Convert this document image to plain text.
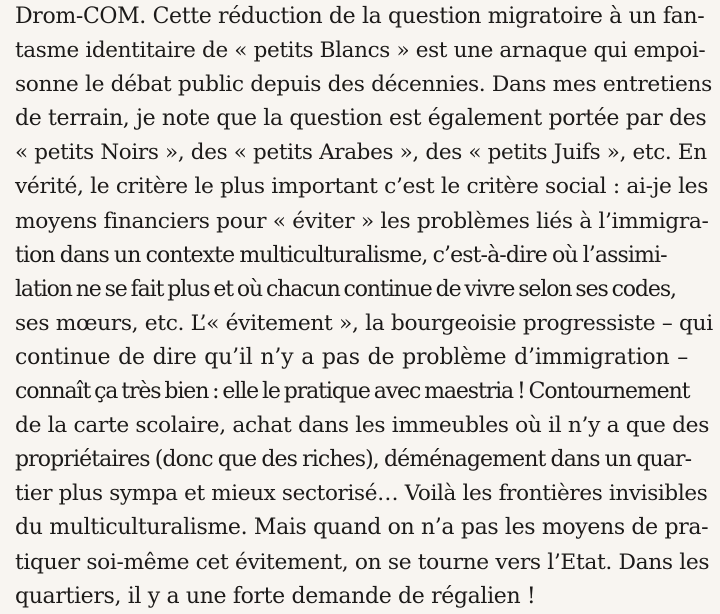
Drom-COM. Cette réduction de la question migratoire à un fan-
tasme identitaire de « petits Blancs » est une arnaque qui empoi-
sonne le débat public depuis des décennies. Dans mes entretiens
de terrain, je note que la question est également portée par des
« petits Noirs », des « petits Arabes », des « petits Juifs », etc. En
vérité, le critère le plus important c’est le critère social : ai-je les
moyens financiers pour « éviter » les problèmes liés à l’immigra-
tion dans un contexte multiculturalisme, c’est-à-dire où l’assimi-
lation ne se fait plus et où chacun continue de vivre selon ses codes,
ses mœurs, etc. L’« évitement », la bourgeoisie progressiste – qui
continue de dire qu’il n’y a pas de problème d’immigration –
connaît ça très bien : elle le pratique avec maestria ! Contournement
de la carte scolaire, achat dans les immeubles où il n’y a que des
propriétaires (donc que des riches), déménagement dans un quar-
tier plus sympa et mieux sectorisé… Voilà les frontières invisibles
du multiculturalisme. Mais quand on n’a pas les moyens de pra-
tiquer soi-même cet évitement, on se tourne vers l’Etat. Dans les
quartiers, il y a une forte demande de régalien !
